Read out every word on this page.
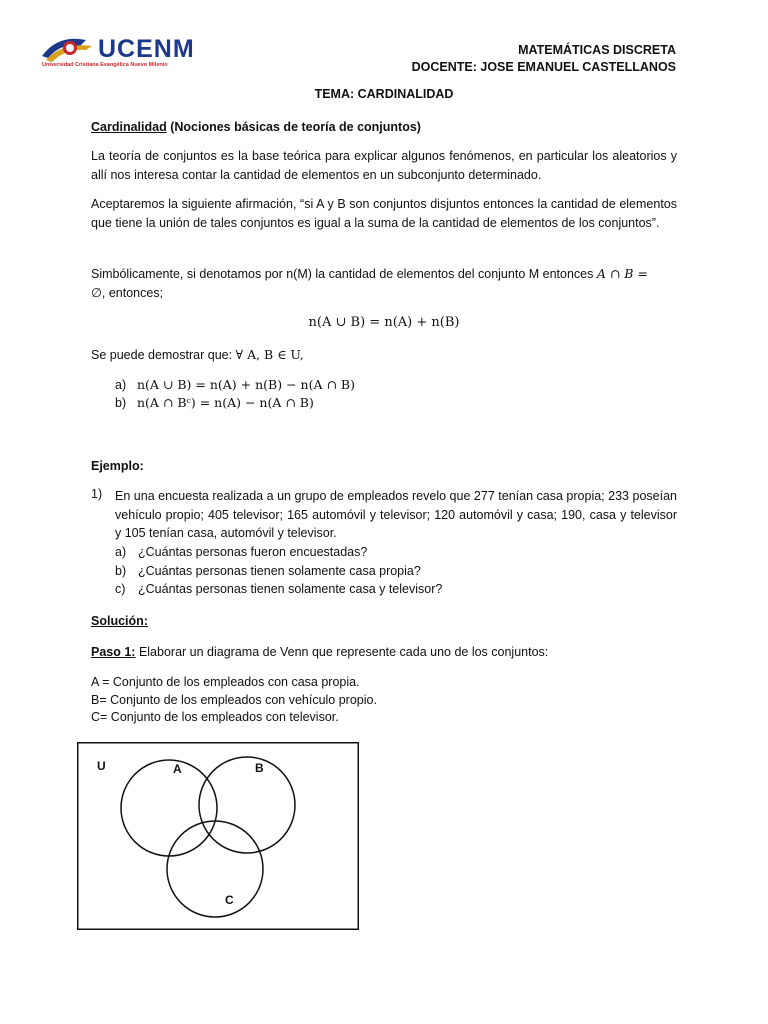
UCENM
Universidad Cristiana Evangélica Nuevo Milenio
MATEMÁTICAS DISCRETA
DOCENTE: JOSE EMANUEL CASTELLANOS
TEMA: CARDINALIDAD
Cardinalidad (Nociones básicas de teoría de conjuntos)
La teoría de conjuntos es la base teórica para explicar algunos fenómenos, en particular los aleatorios y allí nos interesa contar la cantidad de elementos en un subconjunto determinado.
Aceptaremos la siguiente afirmación, “si A y B son conjuntos disjuntos entonces la cantidad de elementos que tiene la unión de tales conjuntos es igual a la suma de la cantidad de elementos de los conjuntos”.
Simbólicamente, si denotamos por n(M) la cantidad de elementos del conjunto M entonces A ∩ B =
∅, entonces;
n(A ∪ B) = n(A) + n(B)
Se puede demostrar que: ∀ A, B ∈ U,
a) n(A ∪ B) = n(A) + n(B) − n(A ∩ B)
b) n(A ∩ Bᶜ) = n(A) − n(A ∩ B)
Ejemplo:
1) En una encuesta realizada a un grupo de empleados revelo que 277 tenían casa propia; 233 poseían vehículo propio; 405 televisor; 165 automóvil y televisor; 120 automóvil y casa; 190, casa y televisor y 105 tenían casa, automóvil y televisor.
a) ¿Cuántas personas fueron encuestadas?
b) ¿Cuántas personas tienen solamente casa propia?
c) ¿Cuántas personas tienen solamente casa y televisor?
Solución:
Paso 1: Elaborar un diagrama de Venn que represente cada uno de los conjuntos:
A = Conjunto de los empleados con casa propia.
B= Conjunto de los empleados con vehículo propio.
C= Conjunto de los empleados con televisor.
U	A	B
C
